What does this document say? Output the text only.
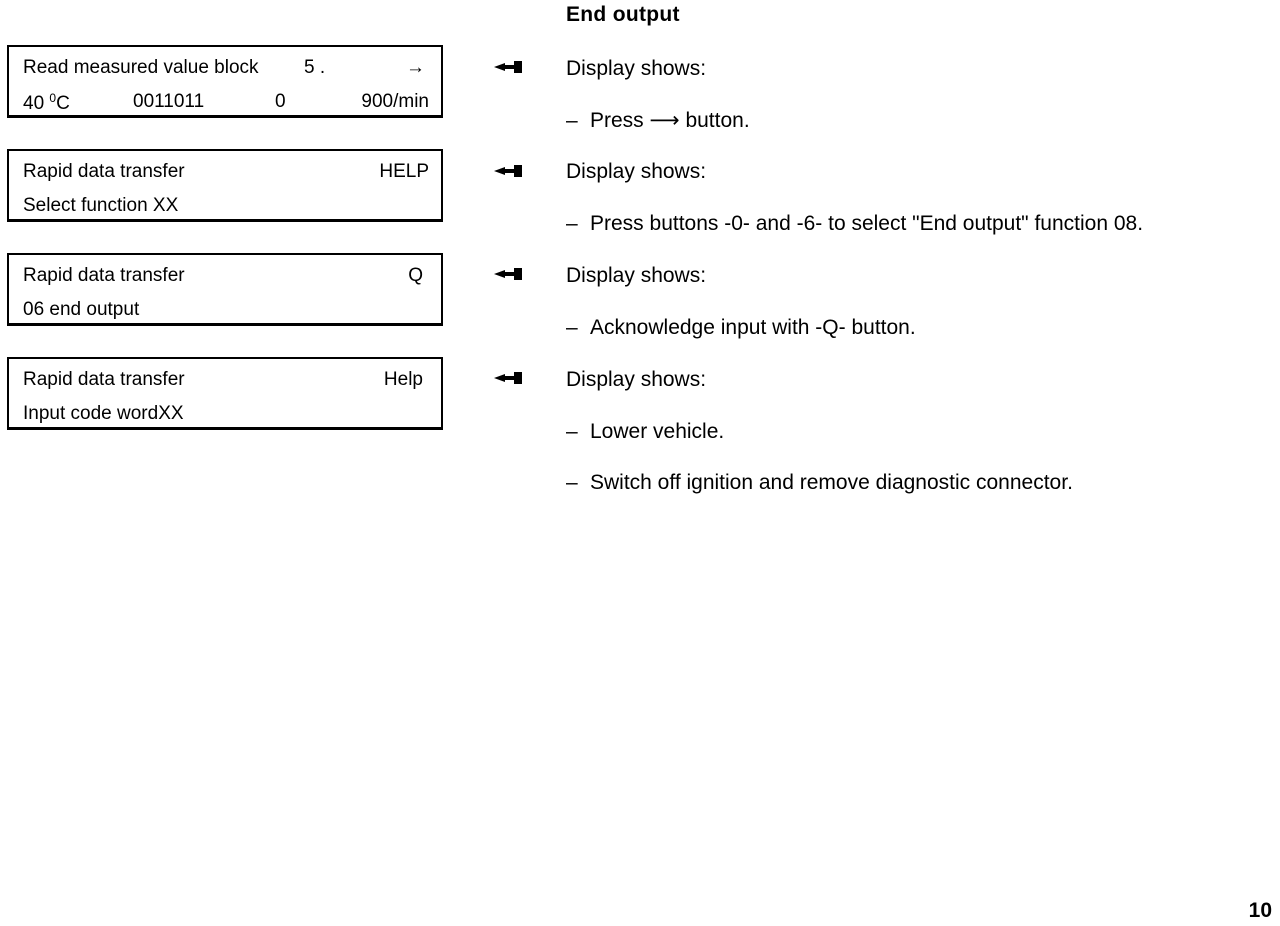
End output
Read measured value block 5 .	→
40 $^0$C	0011011	0	900/min
Rapid data transfer	HELP
Select function XX
Rapid data transfer	Q
06 end output
Rapid data transfer	Help
Input code wordXX
Display shows:
– Press ⟶ button.
Display shows:
– Press buttons -0- and -6- to select "End output" function 08.
Display shows:
– Acknowledge input with -Q- button.
Display shows:
– Lower vehicle.
– Switch off ignition and remove diagnostic connector.
10
